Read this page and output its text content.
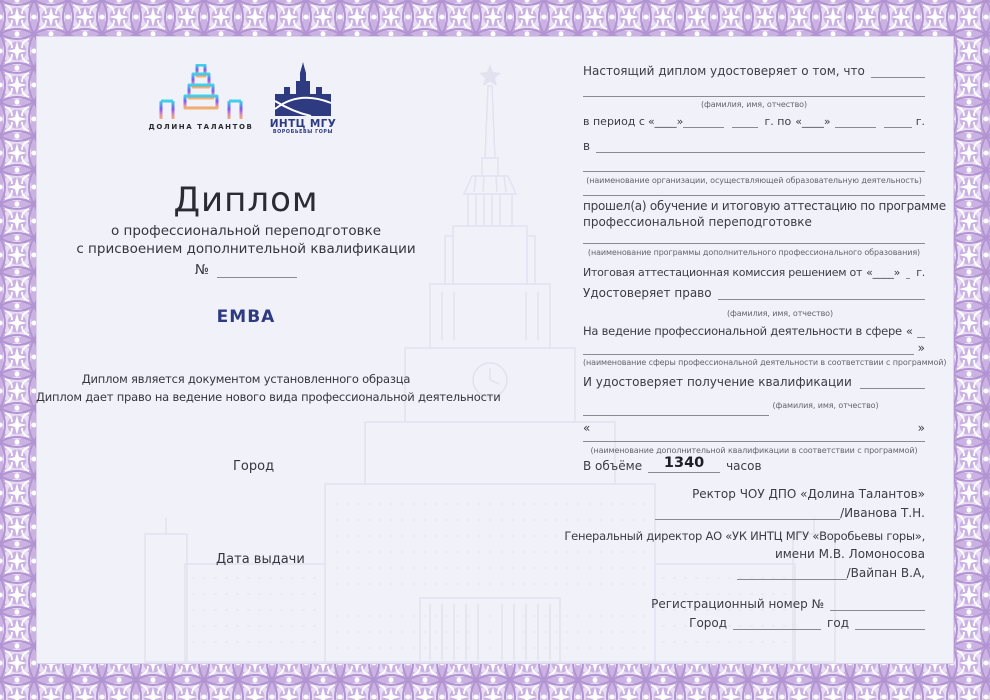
ДОЛИНА ТАЛАНТОВ	ИНТЦ МГУ
ВОРОБЬЕВЫ ГОРЫ
Диплом
о профессиональной переподготовке
с присвоением дополнительной квалификации
№
EMBA
Диплом является документом установленного образца
Диплом дает право на ведение нового вида профессиональной деятельности
Город
Дата выдачи
Настоящий диплом удостоверяет о том, что
(фамилия, имя, отчество)
в период с «____»	г. по «____»	г.
в
(наименование организации, осуществляющей образовательную деятельность)
прошел(а) обучение и итоговую аттестацию по программе
профессиональной переподготовке
(наименование программы дополнительного профессионального образования)
Итоговая аттестационная комиссия решением от «____» г.
Удостоверяет право
(фамилия, имя, отчество)
На ведение профессиональной деятельности в сфере «
»
(наименование сферы профессиональной деятельности в соответствии с программой)
И удостоверяет получение квалификации
(фамилия, имя, отчество)
«	»
(наименование дополнительной квалификации в соответствии с программой)
В объёме	1340	часов
Ректор ЧОУ ДПО «Долина Талантов»
/Иванова Т.Н.
Генеральный директор АО «УК ИНТЦ МГУ «Воробьевы горы»,
имени М.В. Ломоносова
/Вайпан В.А,
Регистрационный номер №
Город	год
